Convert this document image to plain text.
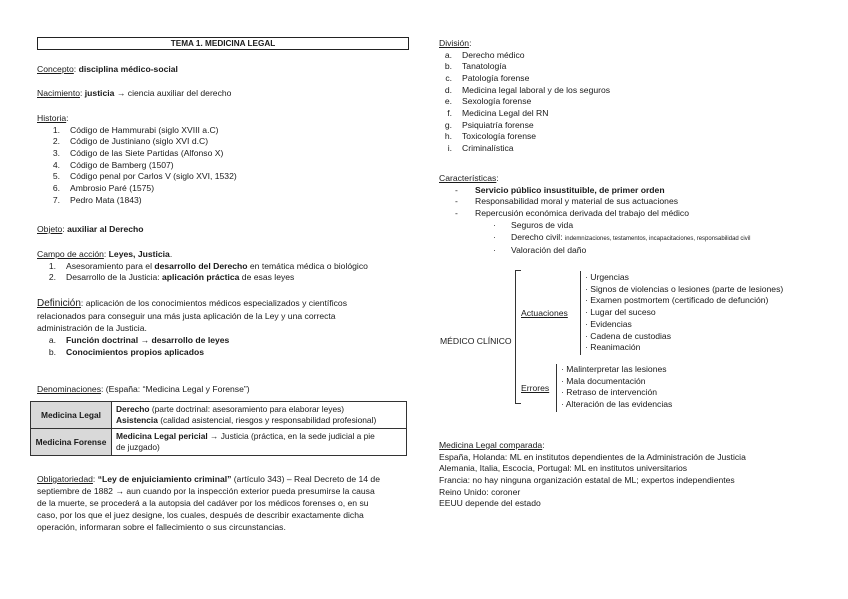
TEMA 1. MEDICINA LEGAL
Concepto: disciplina médico-social
Nacimiento: justicia → ciencia auxiliar del derecho
Historia:
1. Código de Hammurabi (siglo XVIII a.C)
2. Código de Justiniano (siglo XVI d.C)
3. Código de las Siete Partidas (Alfonso X)
4. Código de Bamberg (1507)
5. Código penal por Carlos V (siglo XVI, 1532)
6. Ambrosio Paré (1575)
7. Pedro Mata (1843)
Objeto: auxiliar al Derecho
Campo de acción: Leyes, Justicia.
1. Asesoramiento para el desarrollo del Derecho en temática médica o biológico
2. Desarrollo de la Justicia: aplicación práctica de esas leyes
Definición: aplicación de los conocimientos médicos especializados y científicos
relacionados para conseguir una más justa aplicación de la Ley y una correcta
administración de la Justicia.
a. Función doctrinal → desarrollo de leyes
b. Conocimientos propios aplicados
Denominaciones: (España: “Medicina Legal y Forense”)
Medicina Legal	Derecho (parte doctrinal: asesoramiento para elaborar leyes)
Asistencia (calidad asistencial, riesgos y responsabilidad profesional)

Medicina Forense	Medicina Legal pericial → Justicia (práctica, en la sede judicial a pie
de juzgado)
Obligatoriedad: “Ley de enjuiciamiento criminal” (artículo 343) – Real Decreto de 14 de
septiembre de 1882 → aun cuando por la inspección exterior pueda presumirse la causa
de la muerte, se procederá a la autopsia del cadáver por los médicos forenses o, en su
caso, por los que el juez designe, los cuales, después de describir exactamente dicha
operación, informaran sobre el fallecimiento o sus circunstancias.
División:
a. Derecho médico
b. Tanatología
c. Patología forense
d. Medicina legal laboral y de los seguros
e. Sexología forense
f. Medicina Legal del RN
g. Psiquiatría forense
h. Toxicología forense
i. Criminalística
Características:
- Servicio público insustituible, de primer orden
- Responsabilidad moral y material de sus actuaciones
- Repercusión económica derivada del trabajo del médico
· Seguros de vida
· Derecho civil: indemnizaciones, testamentos, incapacitaciones, responsabilidad civil
· Valoración del daño
MÉDICO CLÍNICO
Actuaciones
· Urgencias
· Signos de violencias o lesiones (parte de lesiones)
· Examen postmortem (certificado de defunción)
· Lugar del suceso
· Evidencias
· Cadena de custodias
· Reanimación
Errores
· Malinterpretar las lesiones
· Mala documentación
· Retraso de intervención
· Alteración de las evidencias
Medicina Legal comparada:
España, Holanda: ML en institutos dependientes de la Administración de Justicia
Alemania, Italia, Escocia, Portugal: ML en institutos universitarios
Francia: no hay ninguna organización estatal de ML; expertos independientes
Reino Unido: coroner
EEUU depende del estado
